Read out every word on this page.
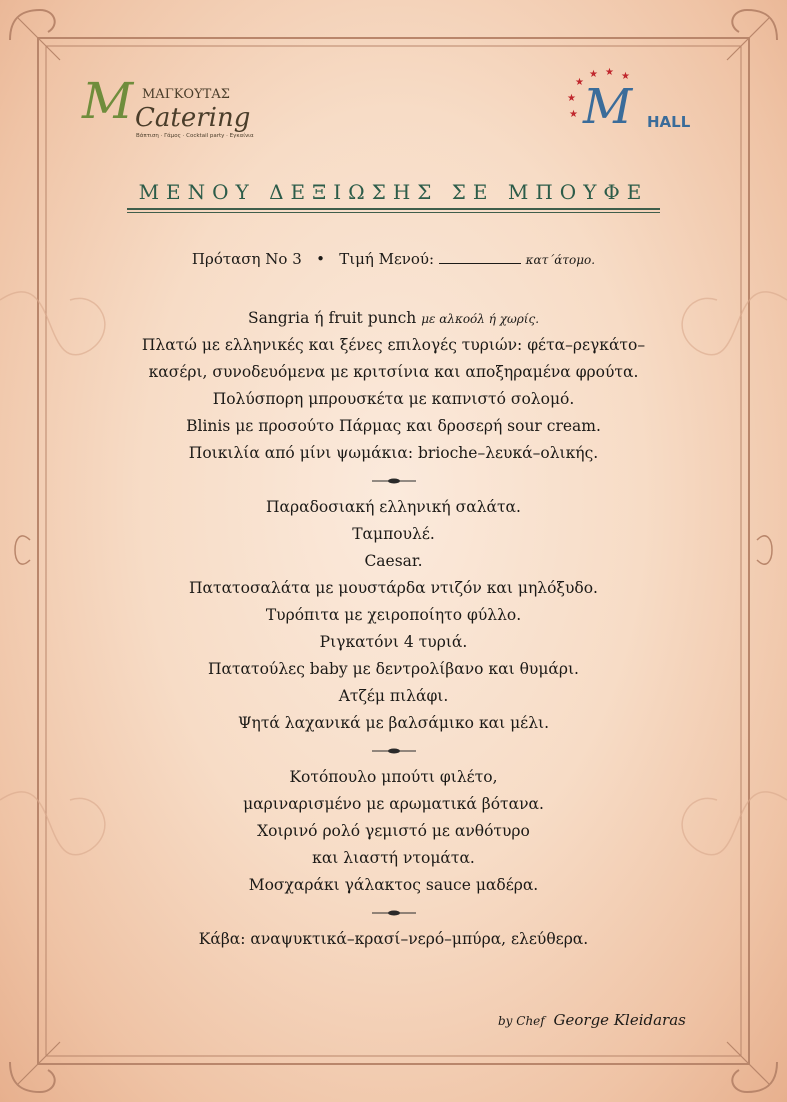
M ΜΑΓΚΟΥΤΑΣ
Catering
Βάπτιση · Γάμος · Cocktail party · Εγκαίνια
★
★
★ ★ ★
★ M HALL
ΜΕΝΟΥ ΔΕΞΙΩΣΗΣ ΣΕ ΜΠΟΥΦΕ
Πρόταση Νο 3 • Τιμή Μενού:	κατ΄άτομο.
Sangria ή fruit punch με αλκοόλ ή χωρίς.
Πλατώ με ελληνικές και ξένες επιλογές τυριών: φέτα–ρεγκάτο–
κασέρι, συνοδευόμενα με κριτσίνια και αποξηραμένα φρούτα.
Πολύσπορη μπρουσκέτα με καπνιστό σολομό.
Blinis με προσούτο Πάρμας και δροσερή sour cream.
Ποικιλία από μίνι ψωμάκια: brioche–λευκά–ολικής.
Παραδοσιακή ελληνική σαλάτα.
Ταμπουλέ.
Caesar.
Πατατοσαλάτα με μουστάρδα ντιζόν και μηλόξυδο.
Τυρόπιτα με χειροποίητο φύλλο.
Ριγκατόνι 4 τυριά.
Πατατούλες baby με δεντρολίβανο και θυμάρι.
Ατζέμ πιλάφι.
Ψητά λαχανικά με βαλσάμικο και μέλι.
Κοτόπουλο μπούτι φιλέτο,
μαριναρισμένο με αρωματικά βότανα.
Χοιρινό ρολό γεμιστό με ανθότυρο
και λιαστή ντομάτα.
Μοσχαράκι γάλακτος sauce μαδέρα.
Κάβα: αναψυκτικά–κρασί–νερό–μπύρα, ελεύθερα.
by Chef George Kleidaras
